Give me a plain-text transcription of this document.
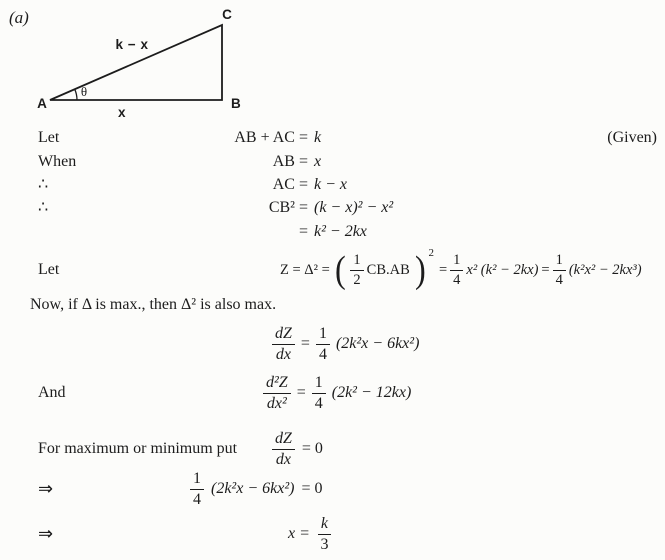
(a)
A	B
C
k − x
x
θ
Let	AB + AC = k	(Given)
When	AB = x
∴	AC = k − x
∴	CB² = (k − x)² − x²
= k² − 2kx
Let	Z = Δ² = ( $\frac{1}{2} CB.AB$ ) 2
= $\frac{1}{4} x^2$ $(k^2 - 2kx) = \frac{1}{4} (k^2x^2 - 2kx^3)$
Now, if Δ is max., then Δ² is also max.
$\frac{dZ}{dx} = \frac{1}{4} (2k^2x - 6kx^2)$
And	$\frac{\text{d²Z}}{\text{dx²}} = \frac{1}{4} (2k^2 - 12kx)$
For maximum or minimum put $\frac{dZ}{dx} = 0$
⇒	$\frac{1}{4} (2k^2x - 6kx^2) = 0$
⇒	$x = \frac{k}{3}$
